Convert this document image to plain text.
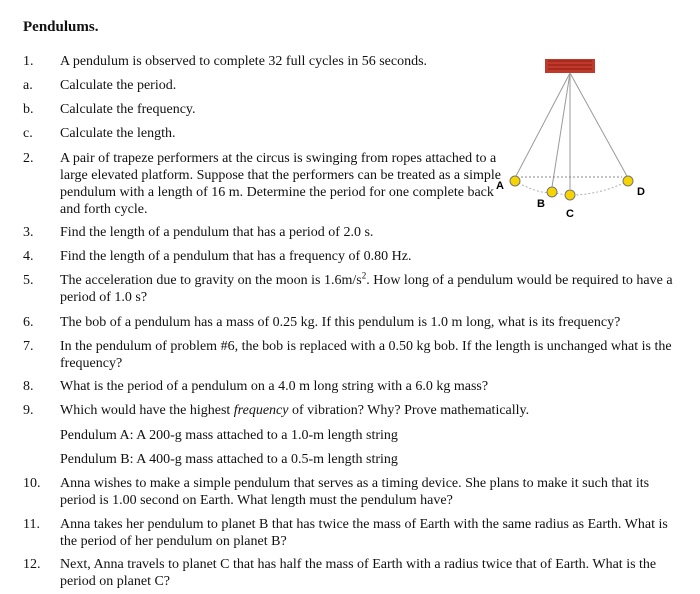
Pendulums.
1.	A pendulum is observed to complete 32 full cycles in 56 seconds.
a.	Calculate the period.
b.	Calculate the frequency.
c.	Calculate the length.
2.	A pair of trapeze performers at the circus is swinging from ropes attached to a large elevated platform. Suppose that the performers can be treated as a simple pendulum with a length of 16 m. Determine the period for one complete back and forth cycle.
3.	Find the length of a pendulum that has a period of 2.0 s.
4.	Find the length of a pendulum that has a frequency of 0.80 Hz.
5.	The acceleration due to gravity on the moon is $1.6m/s^2$. How long of a pendulum would be required to have a period of 1.0 s?
6.	The bob of a pendulum has a mass of 0.25 kg. If this pendulum is 1.0 m long, what is its frequency?
7.	In the pendulum of problem #6, the bob is replaced with a 0.50 kg bob. If the length is unchanged what is the frequency?
8.	What is the period of a pendulum on a 4.0 m long string with a 6.0 kg mass?
9.	Which would have the highest frequency of vibration? Why? Prove mathematically.
Pendulum A: A 200-g mass attached to a 1.0-m length string
Pendulum B: A 400-g mass attached to a 0.5-m length string
10.	Anna wishes to make a simple pendulum that serves as a timing device. She plans to make it such that its period is 1.00 second on Earth. What length must the pendulum have?
11.	Anna takes her pendulum to planet B that has twice the mass of Earth with the same radius as Earth. What is the period of her pendulum on planet B?
12.	Next, Anna travels to planet C that has half the mass of Earth with a radius twice that of Earth. What is the period on planet C?
A
B
C
D
